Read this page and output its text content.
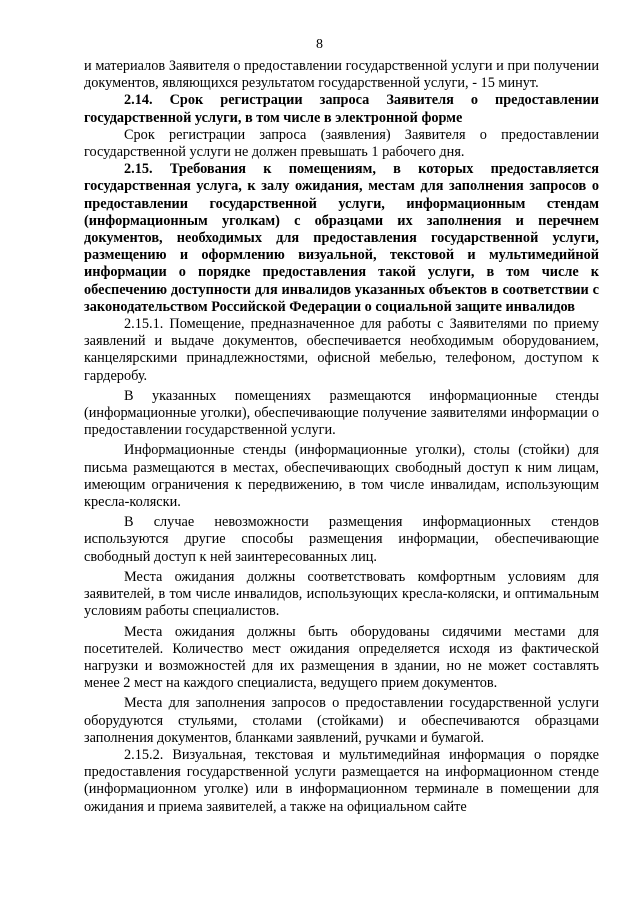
8

и материалов Заявителя о предоставлении государственной услуги и при получении документов, являющихся результатом государственной услуги, - 15 минут.

2.14. Срок регистрации запроса Заявителя о предоставлении государственной услуги, в том числе в электронной форме

Срок регистрации запроса (заявления) Заявителя о предоставлении государственной услуги не должен превышать 1 рабочего дня.

2.15. Требования к помещениям, в которых предоставляется государственная услуга, к залу ожидания, местам для заполнения запросов о предоставлении государственной услуги, информационным стендам (информационным уголкам) с образцами их заполнения и перечнем документов, необходимых для предоставления государственной услуги, размещению и оформлению визуальной, текстовой и мультимедийной информации о порядке предоставления такой услуги, в том числе к обеспечению доступности для инвалидов указанных объектов в соответствии с законодательством Российской Федерации о социальной защите инвалидов

2.15.1. Помещение, предназначенное для работы с Заявителями по приему заявлений и выдаче документов, обеспечивается необходимым оборудованием, канцелярскими принадлежностями, офисной мебелью, телефоном, доступом к гардеробу.

В указанных помещениях размещаются информационные стенды (информационные уголки), обеспечивающие получение заявителями информации о предоставлении государственной услуги.

Информационные стенды (информационные уголки), столы (стойки) для письма размещаются в местах, обеспечивающих свободный доступ к ним лицам, имеющим ограничения к передвижению, в том числе инвалидам, использующим кресла-коляски.

В случае невозможности размещения информационных стендов используются другие способы размещения информации, обеспечивающие свободный доступ к ней заинтересованных лиц.

Места ожидания должны соответствовать комфортным условиям для заявителей, в том числе инвалидов, использующих кресла-коляски, и оптимальным условиям работы специалистов.

Места ожидания должны быть оборудованы сидячими местами для посетителей. Количество мест ожидания определяется исходя из фактической нагрузки и возможностей для их размещения в здании, но не может составлять менее 2 мест на каждого специалиста, ведущего прием документов.

Места для заполнения запросов о предоставлении государственной услуги оборудуются стульями, столами (стойками) и обеспечиваются образцами заполнения документов, бланками заявлений, ручками и бумагой.

2.15.2. Визуальная, текстовая и мультимедийная информация о порядке предоставления государственной услуги размещается на информационном стенде (информационном уголке) или в информационном терминале в помещении для ожидания и приема заявителей, а также на официальном сайте
